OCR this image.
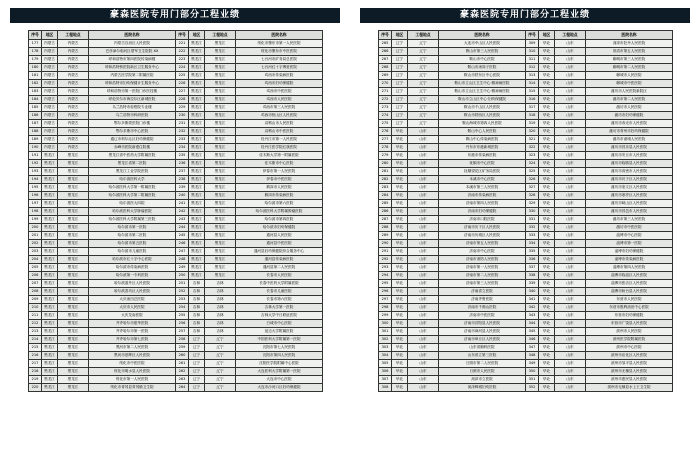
豪森医院专用门部分工程业绩
序号	地区	工程地点	医院名称	序号	地区	工程地点	医院名称
177	内蒙古	内蒙古	内蒙古自治区人民医院	221	黑龙江	黑龙江	绥化市肇东市第一人民医院
178	内蒙古	内蒙古	巴彦淖尔临河区蒙军卫生院院 XX	222	黑龙江	黑龙江	绥化市肇东市中医医院
179	内蒙古	内蒙古	呼和浩特市第四医院传染病楼	223	黑龙江	黑龙江	七台河市矿务局总医院
180	内蒙古	内蒙古	呼和浩特桥医院新区卫生服务中心	224	黑龙江	黑龙江	七台河红十字博爱医院
181	内蒙古	内蒙古	内蒙古医学院第二附属医院	225	黑龙江	黑龙江	鸡西市传染病医院
182	内蒙古	内蒙古	呼和浩特市妇幼保健计生服务中心	226	黑龙江	黑龙江	鸡西市妇幼保健院
183	内蒙古	内蒙古	呼和浩特市第一医院门诊医技楼	227	黑龙江	黑龙江	鸡西市中医医院
184	内蒙古	内蒙古	呼伦贝尔市海拉尔区新城医院	228	黑龙江	黑龙江	鸡西市人民医院
185	内蒙古	内蒙古	乌兰浩特市检察院专业楼	229	黑龙江	黑龙江	鸡西市第三人民医院
186	内蒙古	内蒙古	乌兰浩特市科研医院	230	黑龙江	黑龙江	鸡西市恒山区人民医院
187	内蒙古	内蒙古	鄂尔多斯蒙医院门诊楼	231	黑龙江	黑龙江	双鸭山市人民医院
188	内蒙古	内蒙古	鄂尔多斯市中心医院	232	黑龙江	黑龙江	双鸭山市中医医院
189	内蒙古	内蒙古	通辽市科尔沁区妇幼保健院	233	黑龙江	黑龙江	牡丹江市第一人民医院
190	内蒙古	内蒙古	赤峰市医院新建住院楼	234	黑龙江	黑龙江	牡丹江医学院红旗医院
191	黑龙江	黑龙江	黑龙江省中医药大学附属医院	235	黑龙江	黑龙江	佳木斯大学第一附属医院
192	黑龙江	黑龙江	黑龙江省第二医院	236	黑龙江	黑龙江	佳木斯市中心医院
193	黑龙江	黑龙江	黑龙江工业学院医院	237	黑龙江	黑龙江	伊春市第一人民医院
194	黑龙江	黑龙江	哈尔滨医科大学	238	黑龙江	黑龙江	伊春市中医医院
195	黑龙江	黑龙江	哈尔滨医科大学第一附属医院	239	黑龙江	黑龙江	鹤岗市人民医院
196	黑龙江	黑龙江	哈尔滨医科大学第二附属医院	240	黑龙江	黑龙江	鹤岗市传染病医院
197	黑龙江	黑龙江	哈尔滨医大四院	241	黑龙江	黑龙江	哈尔滨市第六医院
198	黑龙江	黑龙江	哈尔滨医科大学肿瘤医院	242	黑龙江	黑龙江	哈尔滨医科大学附属肿瘤医院
199	黑龙江	黑龙江	哈尔滨医科大学附属第三医院	243	黑龙江	黑龙江	哈尔滨市第四医院
200	黑龙江	黑龙江	哈尔滨市第一医院	244	黑龙江	黑龙江	哈尔滨市妇幼保健院
201	黑龙江	黑龙江	哈尔滨市第二医院	245	黑龙江	黑龙江	通河县人民医院
202	黑龙江	黑龙江	哈尔滨市第五医院	246	黑龙江	黑龙江	通河县中医医院
203	黑龙江	黑龙江	哈尔滨市儿童医院	247	黑龙江	黑龙江	通河县妇幼保健院综合服务中心
204	黑龙江	黑龙江	哈尔滨市红十字中心医院	248	黑龙江	黑龙江	通河县传染病医院
205	黑龙江	黑龙江	哈尔滨市传染病医院	249	黑龙江	黑龙江	通河县第二人民医院
206	黑龙江	黑龙江	哈尔滨第一专科医院	250	黑龙江	黑龙江	长春市人民医院
207	黑龙江	黑龙江	哈尔滨道外区人民医院	251	吉林	吉林	长春中医药大学附属医院
208	黑龙江	黑龙江	哈尔滨香坊区人民医院	252	吉林	吉林	长春市儿童医院
209	黑龙江	黑龙江	大庆油田总医院	253	吉林	吉林	长春市第六医院
210	黑龙江	黑龙江	大庆市人民医院	254	吉林	吉林	吉林大学第一医院
211	黑龙江	黑龙江	大庆龙南医院	255	吉林	吉林	吉林大学中日联谊医院
212	黑龙江	黑龙江	齐齐哈尔市建华医院	256	吉林	吉林	白城市中心医院
213	黑龙江	黑龙江	齐齐哈尔市第一医院	257	吉林	吉林	延边大学附属医院
214	黑龙江	黑龙江	齐齐哈尔市第七医院	258	辽宁	辽宁	中国医科大学附属第一医院
215	黑龙江	黑龙江	黑河市第二人民医院	259	辽宁	辽宁	沈阳市第七人民医院
216	黑龙江	黑龙江	黑河市爱辉区人民医院	260	辽宁	辽宁	沈阳市第四人民医院
217	黑龙江	黑龙江	绥化市中医医院	261	辽宁	辽宁	沈阳医学院附属中心医院
218	黑龙江	黑龙江	绥化市明水县人民医院	262	辽宁	辽宁	大连医科大学附属第一医院
219	黑龙江	黑龙江	绥化市第一人民医院	263	辽宁	辽宁	大连市中心医院
220	黑龙江	黑龙江	绥化市青冈县青冈镇卫生院	264	辽宁	辽宁	大连市沙河口区妇幼保健院
豪森医院专用门部分工程业绩
序号	地区	工程地点	医院名称	序号	地区	工程地点	医院名称
265	辽宁	辽宁	大连市中山区人民医院	309	华北	山东	菏泽市牡丹人民医院
266	辽宁	辽宁	鞍山市第三人民医院	310	华北	山东	常清市第五人民医院
267	辽宁	辽宁	鞍山市中心医院	311	华北	山东	聊城市第三人民医院
268	辽宁	辽宁	鞍山市汤岗子医院	312	华北	山东	聊城市第二人民医院
269	辽宁	辽宁	鞍山市铁东区中心医院	313	华北	山东	聊城市人民医院
270	辽宁	辽宁	鞍山市立山区卫生中心·精神病医院	314	华北	山东	聊城市中医医院
271	辽宁	辽宁	鞍山市立山区卫生中心·精神病医院	315	华北	山东	潍坊市人民医院新院区
272	辽宁	辽宁	鞍山市立山区中心·妇幼保健院	316	华北	山东	潍坊市第二人民医院
273	辽宁	辽宁	鞍山市千山区人民医院	317	华北	山东	潍坊市人民医院
274	辽宁	辽宁	鞍山市铁西区人民医院	318	华北	山东	潍坊市妇幼保健院
275	辽宁	辽宁	鞍山海城市第四人民医院	319	华北	山东	潍坊市寿光市人民医院
276	华北	山东	鞍山中心人民医院	320	华北	山东	潍坊市青州市妇幼保健院
277	华北	山东	鞍山中心传染病医院	321	华北	山东	潍坊市诸城人民医院
278	华北	山东	丹东市东港新城医院	322	华北	山东	潍坊市昌乐县人民医院
279	华北	山东	东港市传染病医院	323	华北	山东	潍坊市安丘市人民医院
280	华北	山东	抚顺市中心医院	324	华北	山东	潍坊市临朐县人民医院
281	华北	山东	抚顺望花区矿务局医院	325	华北	山东	潍坊市高密市人民医院
282	华北	山东	本溪市中心医院	326	华北	山东	潍坊市坊子区人民医院
283	华北	山东	本溪市第三人民医院	327	华北	山东	潍坊市奎文区人民医院
284	华北	山东	济南市传染病医院	328	华北	山东	潍坊市寒亭区人民医院
285	华北	山东	济南市第四人民医院	329	华北	山东	潍坊市峡山区人民医院
286	华北	山东	济南市妇幼保健院	330	华北	山东	潍坊市昌邑市人民医院
287	华北	山东	济南市口腔医院	331	华北	山东	潍坊市第三人民医院
288	华北	山东	济南市历下区人民医院	332	华北	山东	潍坊市中医医院
289	华北	山东	济南市历城区人民医院	333	华北	山东	淄博市中心医院
290	华北	山东	济南市第五人民医院	334	华北	山东	淄博市第一医院
291	华北	山东	济南市中心医院	335	华北	山东	淄博市妇幼保健院
292	华北	山东	济南市消防人民医院	336	华北	山东	淄博市传染病医院
293	华北	山东	济南市第一人民医院	337	华北	山东	淄博市第四人民医院
294	华北	山东	济南市第二人民医院	338	华北	山东	淄博市临淄区人民医院
295	华北	山东	济南市第三人民医院	339	华北	山东	淄博市张店区人民医院
296	华北	山东	济南省立医院	340	华北	山东	淄博市桓台县人民医院
297	华北	山东	济南齐鲁医院	341	华北	山东	东营市人民医院
298	华北	山东	济南市千佛山医院	342	华北	山东	东营市胜利油田中心医院
299	华北	山东	济南市中医医院	343	华北	山东	东营市妇幼保健院
300	华北	山东	济南市济阳县人民医院	344	华北	山东	东营市广饶县人民医院
301	华北	山东	济南市商河县人民医院	345	华北	山东	滨州市人民医院
302	华北	山东	济南市章丘区人民医院	346	华北	山东	滨州医学院附属医院
303	华北	山东	山东省胸科医院	347	华北	山东	滨州市中心医院
304	华北	山东	山东省立第三医院	348	华北	山东	滨州市沾化区人民医院
305	华北	山东	日照市第二人民医院	349	华北	山东	滨州市邹平县人民医院
306	华北	山东	日照市人民医院	350	华北	山东	滨州市无棣县人民医院
307	华北	山东	菏泽市立医院	351	华北	山东	滨州市惠民县人民医院
308	华北	山东	菏泽郸城妇幼医院	352	华北	山东	滨州市无棣县水上王卫生院
